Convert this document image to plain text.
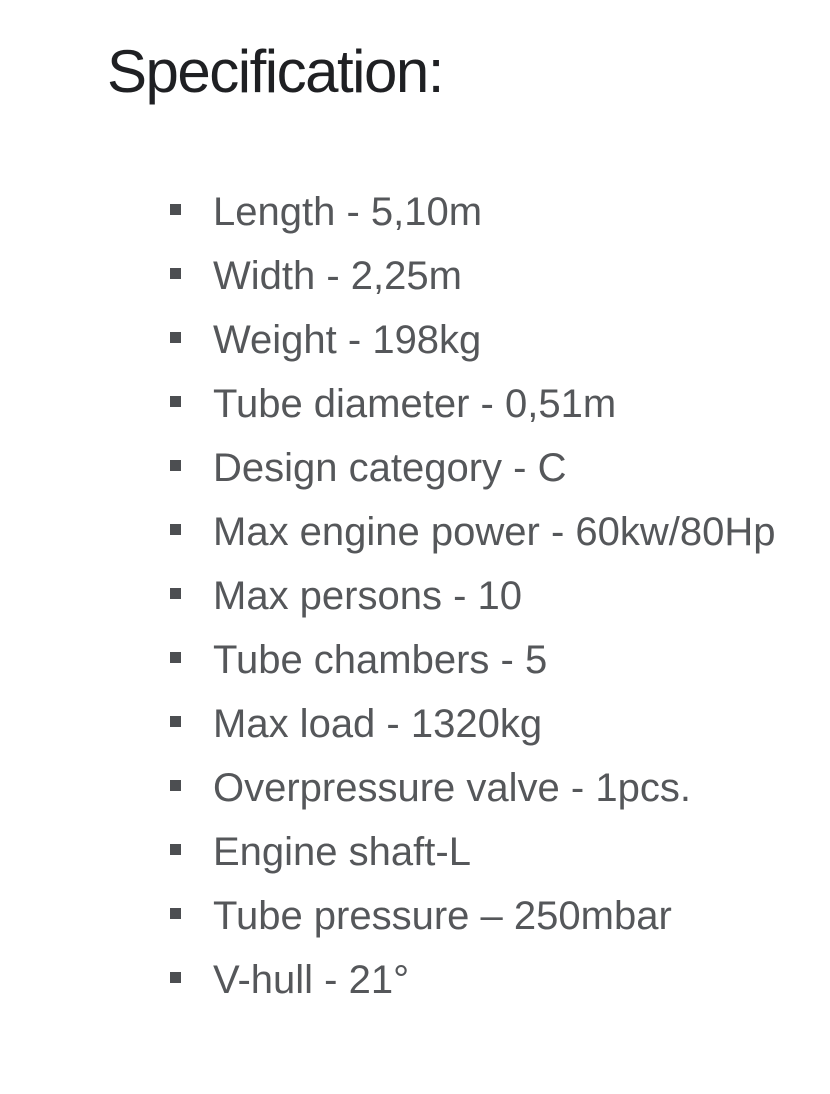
Specification:
Length - 5,10m
Width - 2,25m
Weight - 198kg
Tube diameter - 0,51m
Design category - C
Max engine power - 60kw/80Hp
Max persons - 10
Tube chambers - 5
Max load - 1320kg
Overpressure valve - 1pcs.
Engine shaft-L
Tube pressure – 250mbar
V-hull - 21°
